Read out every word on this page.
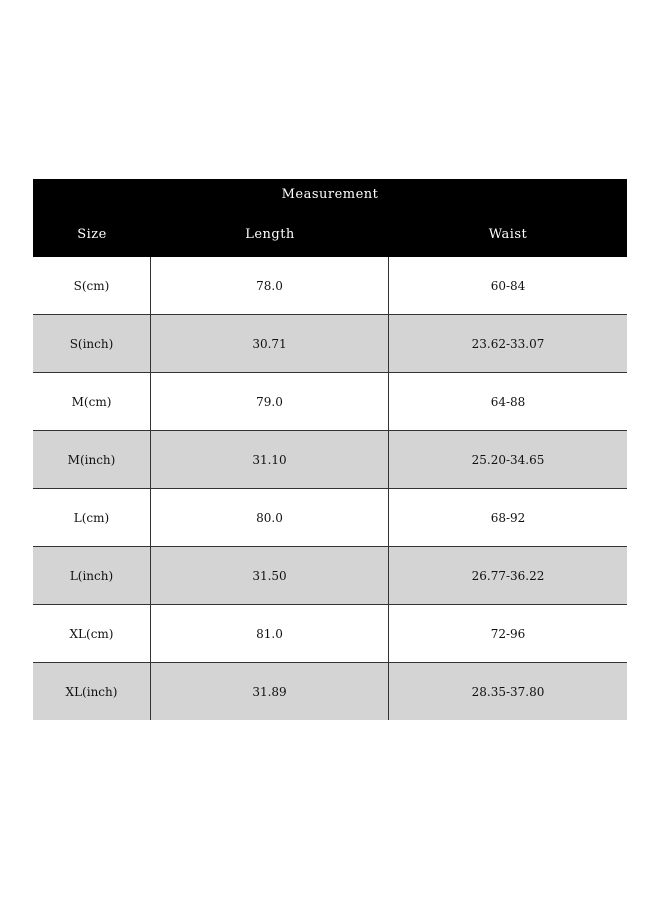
Measurement
Size	Length	Waist
S(cm)	78.0	60-84
S(inch)	30.71	23.62-33.07
M(cm)	79.0	64-88
M(inch)	31.10	25.20-34.65
L(cm)	80.0	68-92
L(inch)	31.50	26.77-36.22
XL(cm)	81.0	72-96
XL(inch)	31.89	28.35-37.80
